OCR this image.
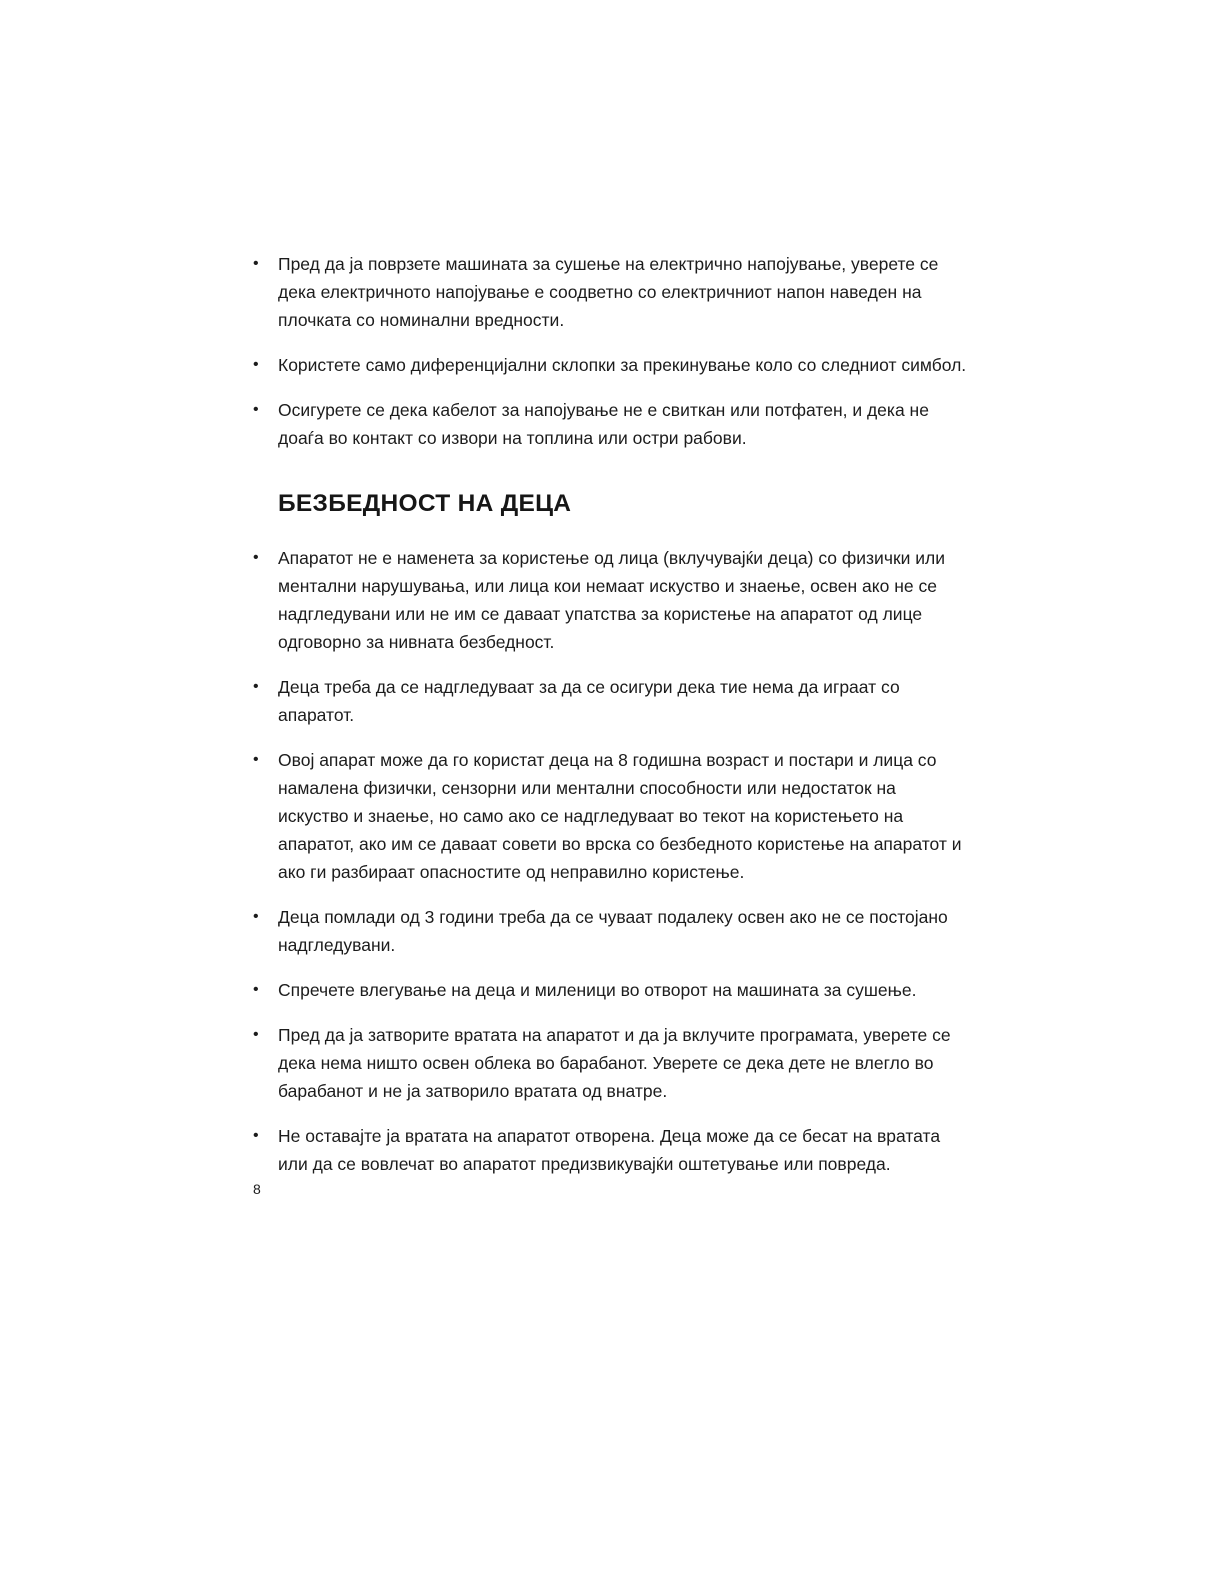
•	Пред да ја поврзете машината за сушење на електрично напојување, уверете се дека електричното напојување е соодветно со електричниот напон наведен на плочката со номинални вредности.
•	Користете само диференцијални склопки за прекинување коло со следниот симбол.
•	Осигурете се дека кабелот за напојување не е свиткан или потфатен, и дека не доаѓа во контакт со извори на топлина или остри рабови.
БЕЗБЕДНОСТ НА ДЕЦА
•	Апаратот не е наменета за користење од лица (вклучувајќи деца) со физички или ментални нарушувања, или лица кои немаат искуство и знаење, освен ако не се надгледувани или не им се даваат упатства за користење на апаратот од лице одговорно за нивната безбедност.
•	Деца треба да се надгледуваат за да се осигури дека тие нема да играат со апаратот.
•	Овој апарат може да го користат деца на 8 годишна возраст и постари и лица со намалена физички, сензорни или ментални способности или недостаток на искуство и знаење, но само ако се надгледуваат во текот на користењето на апаратот, ако им се даваат совети во врска со безбедното користење на апаратот и ако ги разбираат опасностите од неправилно користење.
•	Деца помлади од 3 години треба да се чуваат подалеку освен ако не се постојано надгледувани.
•	Спречете влегување на деца и миленици во отворот на машината за сушење.
•	Пред да ја затворите вратата на апаратот и да ја вклучите програмата, уверете се дека нема ништо освен облека во барабанот. Уверете се дека дете не влегло во барабанот и не ја затворило вратата од внатре.
•	Не оставајте ја вратата на апаратот отворена. Деца може да се бесат на вратата или да се вовлечат во апаратот предизвикувајќи оштетување или повреда.
8
